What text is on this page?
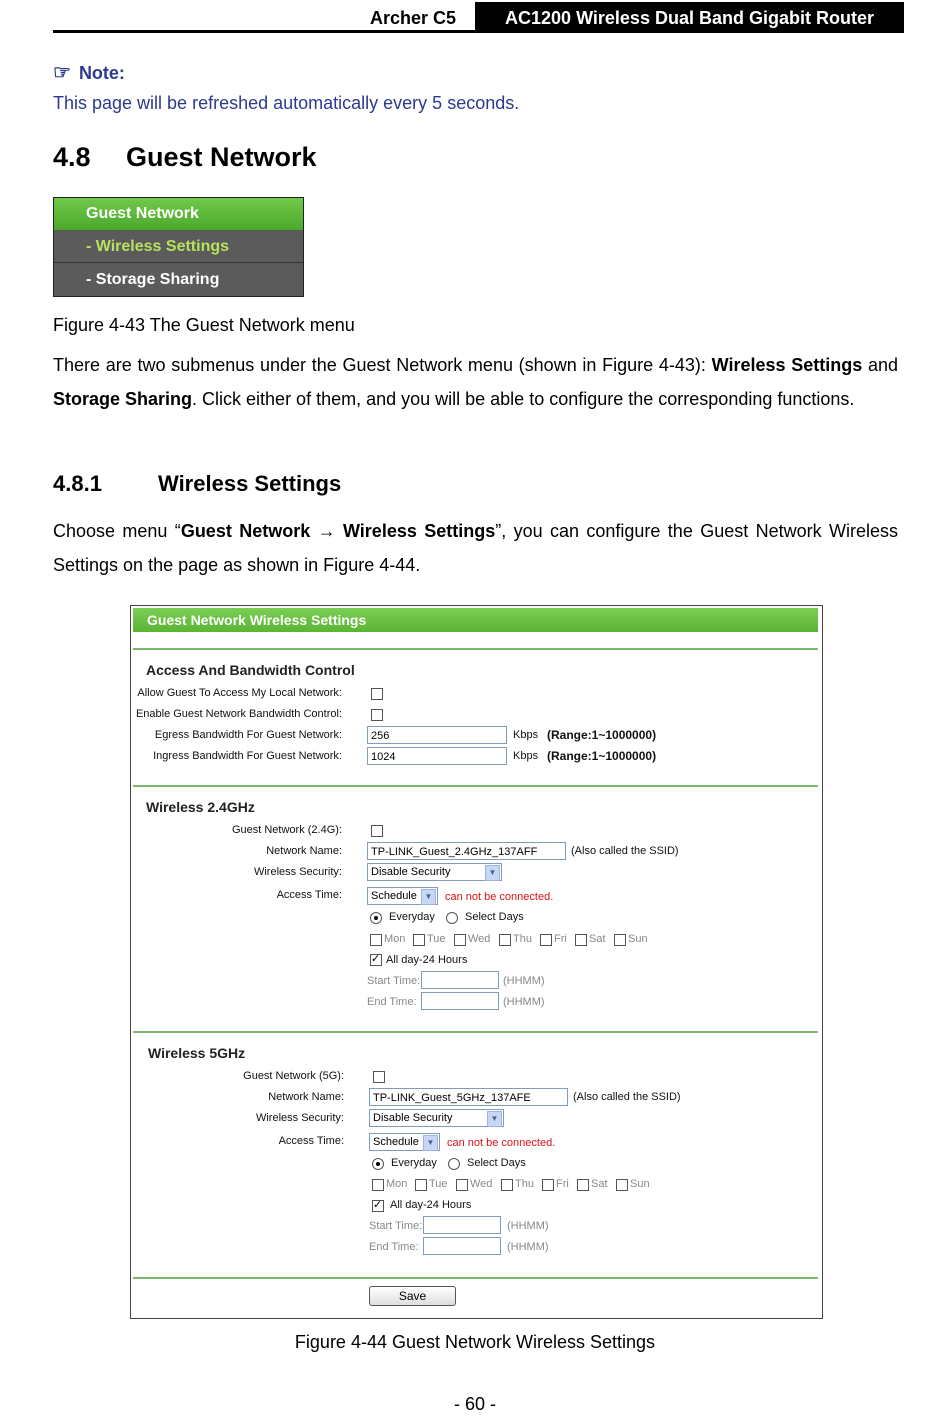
Archer C5	AC1200 Wireless Dual Band Gigabit Router
☞ Note:
This page will be refreshed automatically every 5 seconds.
4.8 Guest Network
Guest Network
- Wireless Settings
- Storage Sharing
Figure 4-43 The Guest Network menu
There are two submenus under the Guest Network menu (shown in Figure 4-43): Wireless Settings and Storage Sharing. Click either of them, and you will be able to configure the corresponding functions.
4.8.1	Wireless Settings
Choose menu “Guest Network → Wireless Settings”, you can configure the Guest Network Wireless Settings on the page as shown in Figure 4-44.
Guest Network Wireless Settings
Access And Bandwidth Control
Allow Guest To Access My Local Network:
Enable Guest Network Bandwidth Control:
Egress Bandwidth For Guest Network:	256	Kbps (Range:1~1000000)
Ingress Bandwidth For Guest Network:	1024	Kbps (Range:1~1000000)
Wireless 2.4GHz
Guest Network (2.4G):
Network Name:	TP-LINK_Guest_2.4GHz_137AFF	(Also called the SSID)
Wireless Security:	Disable Security	▼
Access Time:	Schedule ▼	can not be connected.
Everyday	Select Days
Mon Tue Wed Thu Fri Sat Sun
✓
All day-24 Hours
Start Time:	(HHMM)
End Time:	(HHMM)
Wireless 5GHz
Guest Network (5G):
Network Name:	TP-LINK_Guest_5GHz_137AFE	(Also called the SSID)
Wireless Security:	Disable Security	▼
Access Time:	Schedule ▼	can not be connected.
Everyday	Select Days
Mon Tue Wed Thu Fri Sat Sun
✓
All day-24 Hours
Start Time:	(HHMM)
End Time:	(HHMM)
Save
Figure 4-44 Guest Network Wireless Settings
- 60 -
